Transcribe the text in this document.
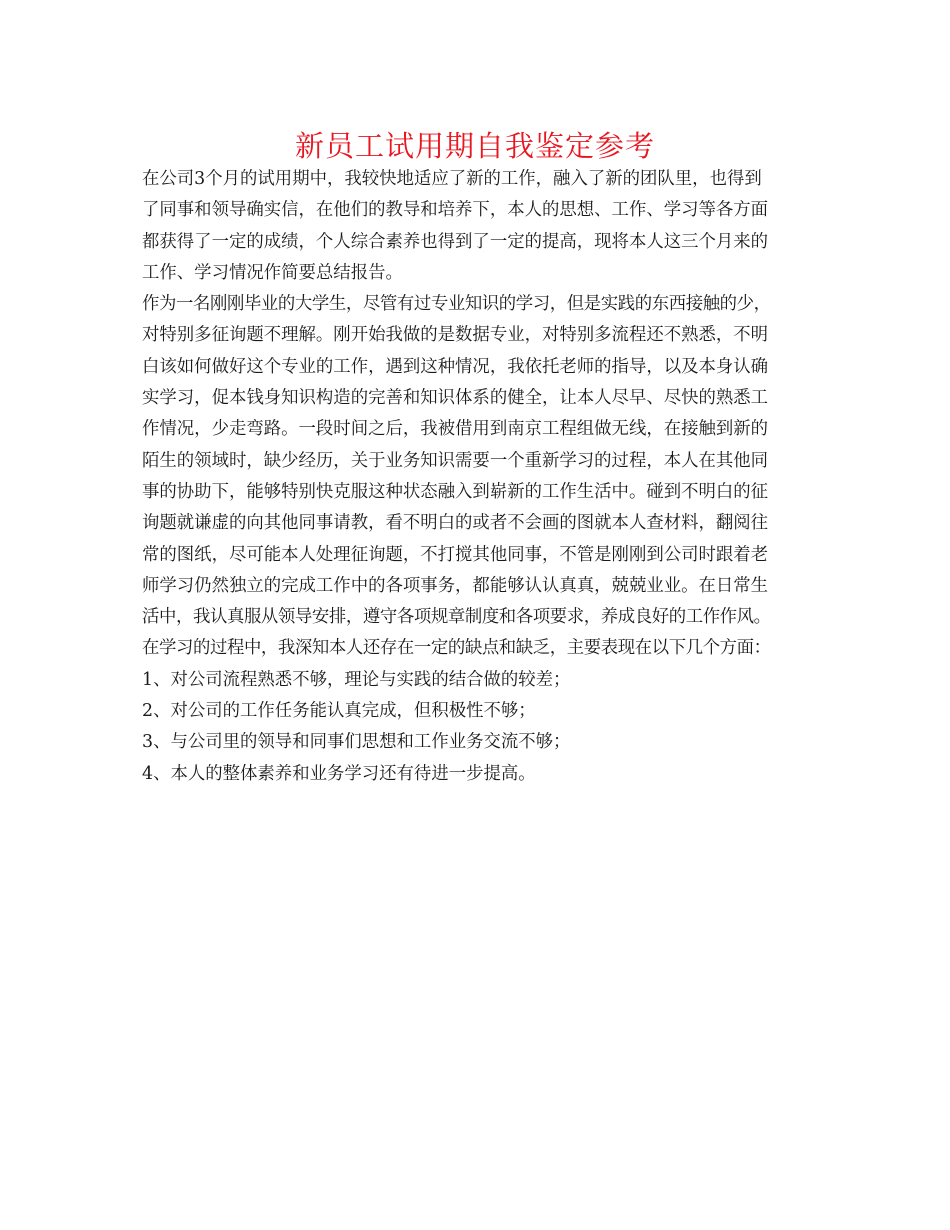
新员工试用期自我鉴定参考
在公司3个月的试用期中，我较快地适应了新的工作，融入了新的团队里，也得到
了同事和领导确实信，在他们的教导和培养下，本人的思想、工作、学习等各方面
都获得了一定的成绩，个人综合素养也得到了一定的提高，现将本人这三个月来的
工作、学习情况作简要总结报告。
作为一名刚刚毕业的大学生，尽管有过专业知识的学习，但是实践的东西接触的少，
对特别多征询题不理解。刚开始我做的是数据专业，对特别多流程还不熟悉，不明
白该如何做好这个专业的工作，遇到这种情况，我依托老师的指导，以及本身认确
实学习，促本钱身知识构造的完善和知识体系的健全，让本人尽早、尽快的熟悉工
作情况，少走弯路。一段时间之后，我被借用到南京工程组做无线，在接触到新的
陌生的领域时，缺少经历，关于业务知识需要一个重新学习的过程，本人在其他同
事的协助下，能够特别快克服这种状态融入到崭新的工作生活中。碰到不明白的征
询题就谦虚的向其他同事请教，看不明白的或者不会画的图就本人查材料，翻阅往
常的图纸，尽可能本人处理征询题，不打搅其他同事，不管是刚刚到公司时跟着老
师学习仍然独立的完成工作中的各项事务，都能够认认真真，兢兢业业。在日常生
活中，我认真服从领导安排，遵守各项规章制度和各项要求，养成良好的工作作风。
在学习的过程中，我深知本人还存在一定的缺点和缺乏，主要表现在以下几个方面：
1、对公司流程熟悉不够，理论与实践的结合做的较差；
2、对公司的工作任务能认真完成，但积极性不够；
3、与公司里的领导和同事们思想和工作业务交流不够；
4、本人的整体素养和业务学习还有待进一步提高。
